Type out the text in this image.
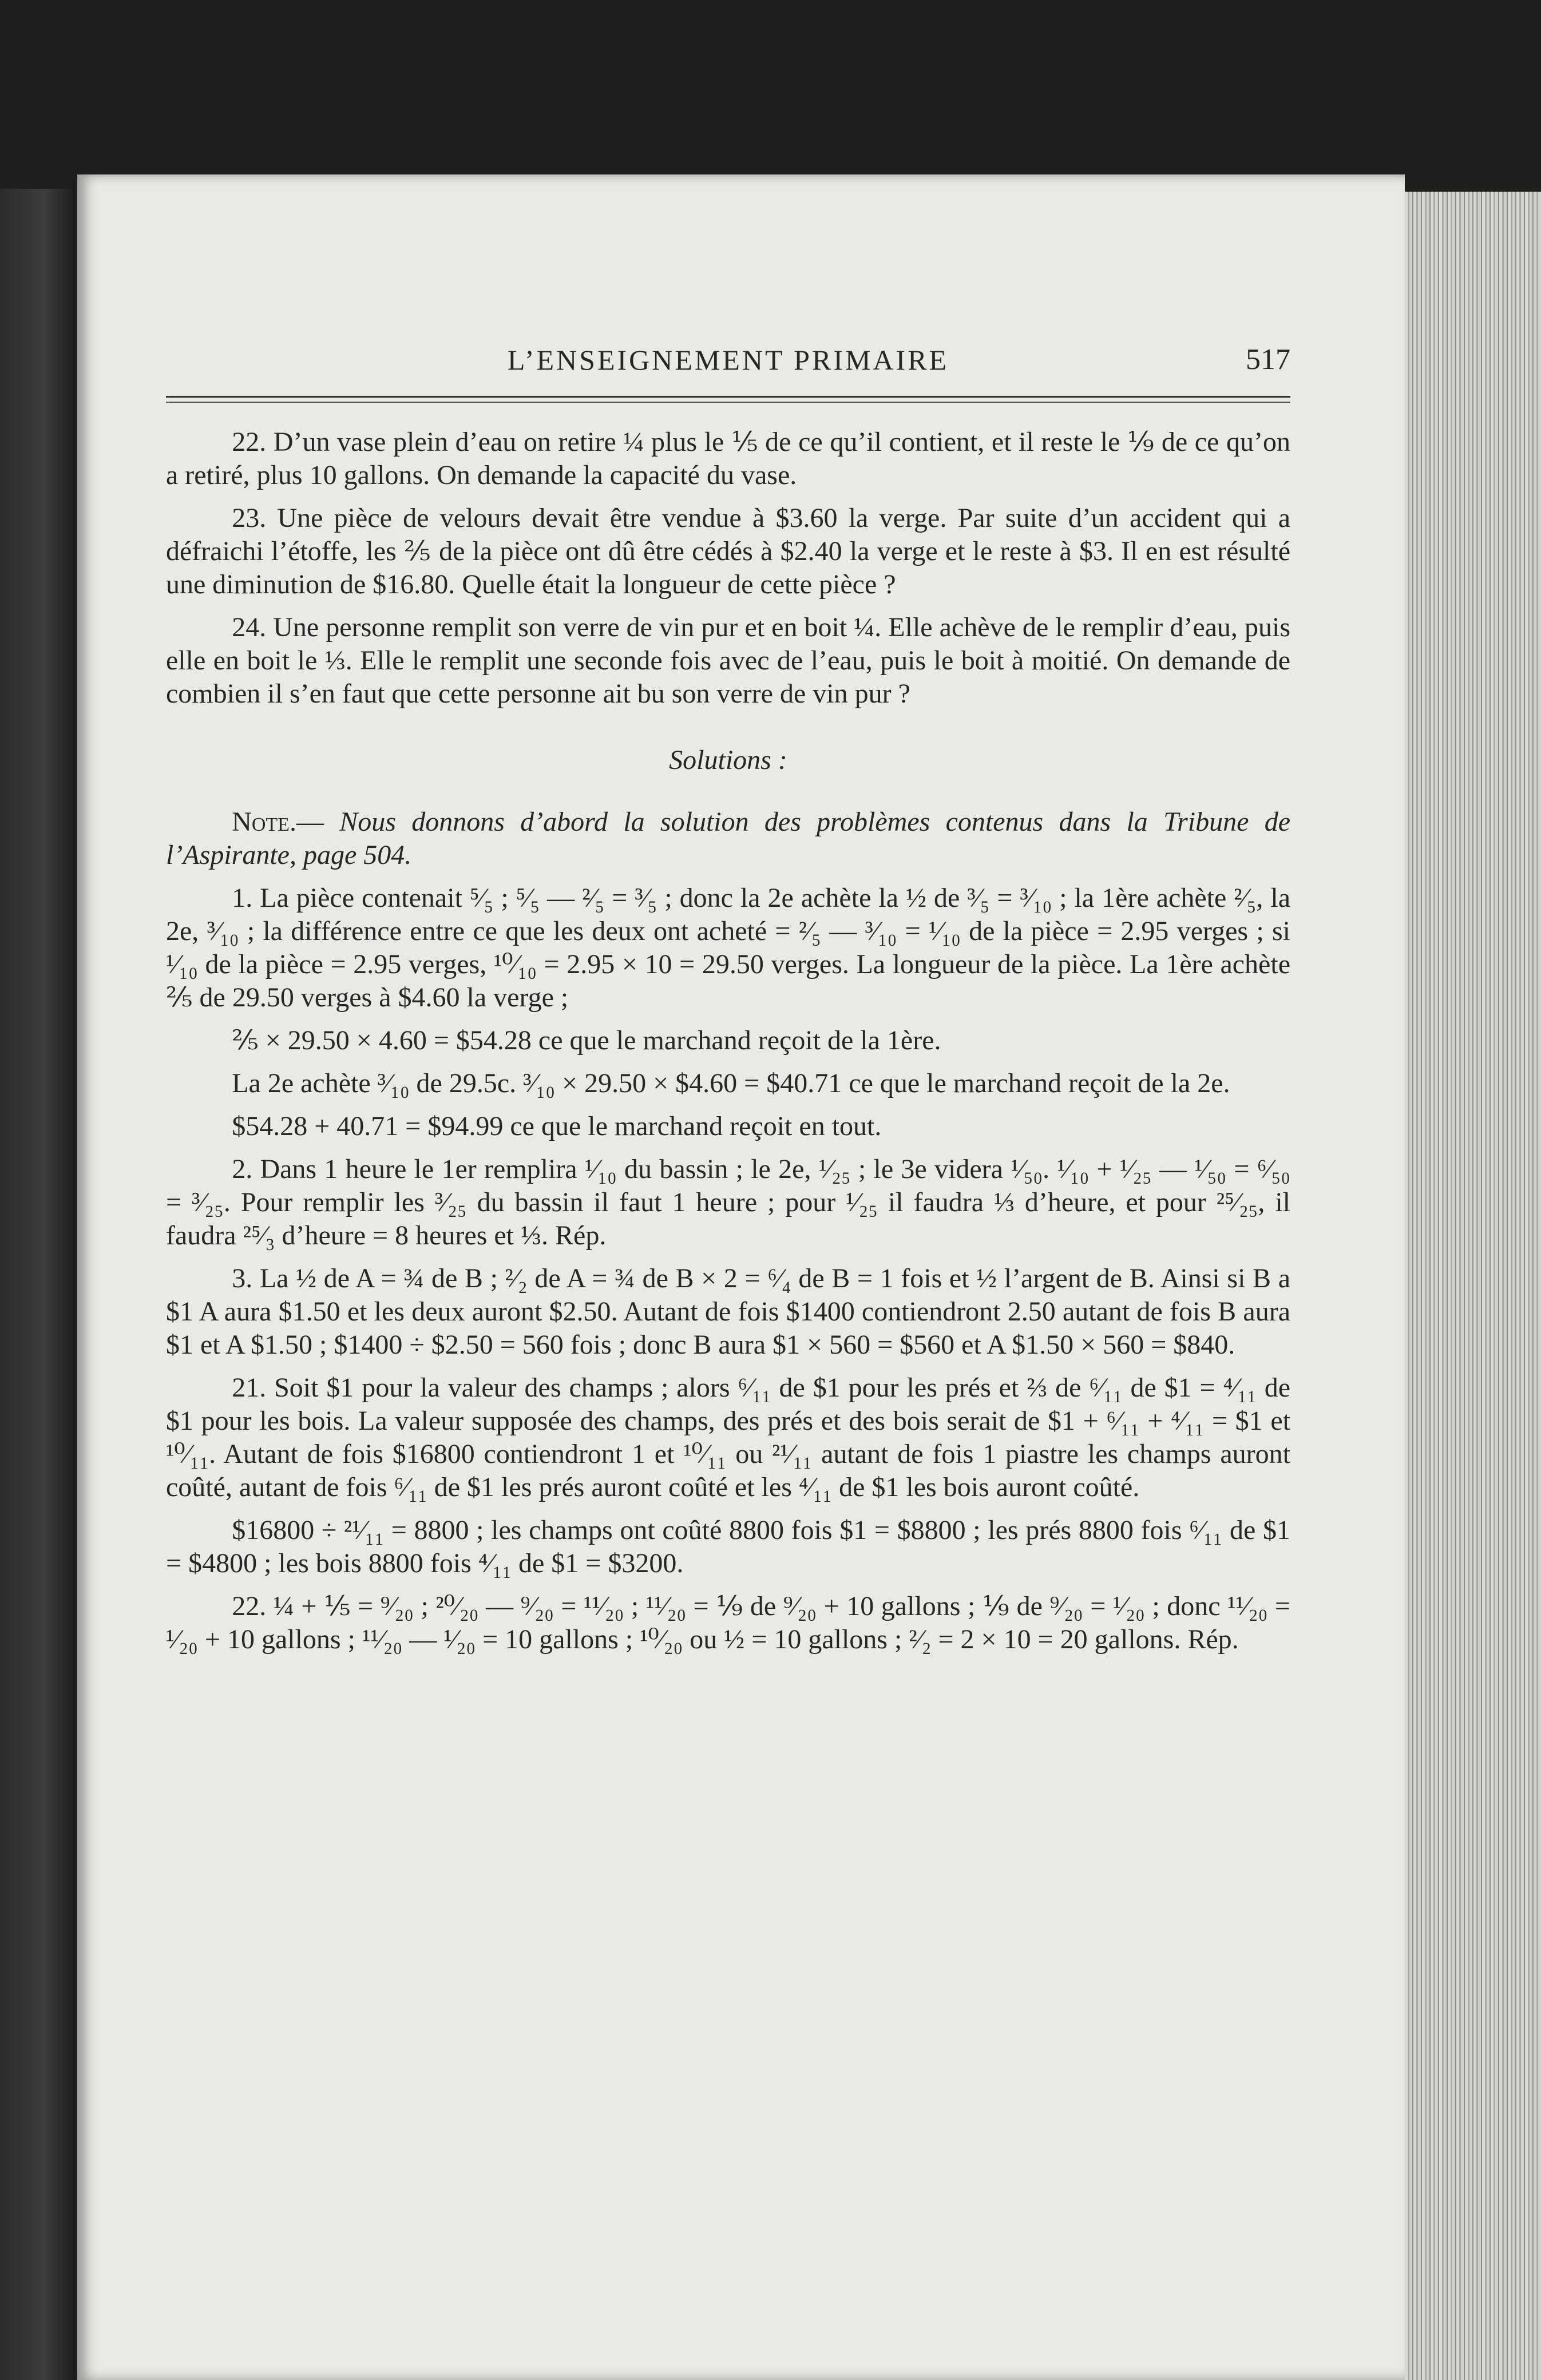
L’ENSEIGNEMENT PRIMAIRE	517

22. D’un vase plein d’eau on retire ¼ plus le ⅕ de ce qu’il contient, et il reste le ⅑ de ce qu’on a retiré, plus 10 gallons. On demande la capacité du vase.

23. Une pièce de velours devait être vendue à $3.60 la verge. Par suite d’un accident qui a défraichi l’étoffe, les ⅖ de la pièce ont dû être cédés à $2.40 la verge et le reste à $3. Il en est résulté une diminution de $16.80. Quelle était la longueur de cette pièce ?

24. Une personne remplit son verre de vin pur et en boit ¼. Elle achève de le remplir d’eau, puis elle en boit le ⅓. Elle le remplit une seconde fois avec de l’eau, puis le boit à moitié. On demande de combien il s’en faut que cette personne ait bu son verre de vin pur ?

Solutions :

Note.— Nous donnons d’abord la solution des problèmes contenus dans la Tribune de l’Aspirante, page 504.

1. La pièce contenait ⁵⁄₅ ; ⁵⁄₅ — ²⁄₅ = ³⁄₅ ; donc la 2e achète la ½ de ³⁄₅ = ³⁄₁₀ ; la 1ère achète ²⁄₅, la 2e, ³⁄₁₀ ; la différence entre ce que les deux ont acheté = ²⁄₅ — ³⁄₁₀ = ¹⁄₁₀ de la pièce = 2.95 verges ; si ¹⁄₁₀ de la pièce = 2.95 verges, ¹⁰⁄₁₀ = 2.95 × 10 = 29.50 verges. La longueur de la pièce. La 1ère achète ⅖ de 29.50 verges à $4.60 la verge ;

⅖ × 29.50 × 4.60 = $54.28 ce que le marchand reçoit de la 1ère.

La 2e achète ³⁄₁₀ de 29.5c. ³⁄₁₀ × 29.50 × $4.60 = $40.71 ce que le marchand reçoit de la 2e.

$54.28 + 40.71 = $94.99 ce que le marchand reçoit en tout.

2. Dans 1 heure le 1er remplira ¹⁄₁₀ du bassin ; le 2e, ¹⁄₂₅ ; le 3e videra ¹⁄₅₀. ¹⁄₁₀ + ¹⁄₂₅ — ¹⁄₅₀ = ⁶⁄₅₀ = ³⁄₂₅. Pour remplir les ³⁄₂₅ du bassin il faut 1 heure ; pour ¹⁄₂₅ il faudra ⅓ d’heure, et pour ²⁵⁄₂₅, il faudra ²⁵⁄₃ d’heure = 8 heures et ⅓. Rép.

3. La ½ de A = ¾ de B ; ²⁄₂ de A = ¾ de B × 2 = ⁶⁄₄ de B = 1 fois et ½ l’argent de B. Ainsi si B a $1 A aura $1.50 et les deux auront $2.50. Autant de fois $1400 contiendront 2.50 autant de fois B aura $1 et A $1.50 ; $1400 ÷ $2.50 = 560 fois ; donc B aura $1 × 560 = $560 et A $1.50 × 560 = $840.

21. Soit $1 pour la valeur des champs ; alors ⁶⁄₁₁ de $1 pour les prés et ⅔ de ⁶⁄₁₁ de $1 = ⁴⁄₁₁ de $1 pour les bois. La valeur supposée des champs, des prés et des bois serait de $1 + ⁶⁄₁₁ + ⁴⁄₁₁ = $1 et ¹⁰⁄₁₁. Autant de fois $16800 contiendront 1 et ¹⁰⁄₁₁ ou ²¹⁄₁₁ autant de fois 1 piastre les champs auront coûté, autant de fois ⁶⁄₁₁ de $1 les prés auront coûté et les ⁴⁄₁₁ de $1 les bois auront coûté.

$16800 ÷ ²¹⁄₁₁ = 8800 ; les champs ont coûté 8800 fois $1 = $8800 ; les prés 8800 fois ⁶⁄₁₁ de $1 = $4800 ; les bois 8800 fois ⁴⁄₁₁ de $1 = $3200.

22. ¼ + ⅕ = ⁹⁄₂₀ ; ²⁰⁄₂₀ — ⁹⁄₂₀ = ¹¹⁄₂₀ ; ¹¹⁄₂₀ = ⅑ de ⁹⁄₂₀ + 10 gallons ; ⅑ de ⁹⁄₂₀ = ¹⁄₂₀ ; donc ¹¹⁄₂₀ = ¹⁄₂₀ + 10 gallons ; ¹¹⁄₂₀ — ¹⁄₂₀ = 10 gallons ; ¹⁰⁄₂₀ ou ½ = 10 gallons ; ²⁄₂ = 2 × 10 = 20 gallons. Rép.
